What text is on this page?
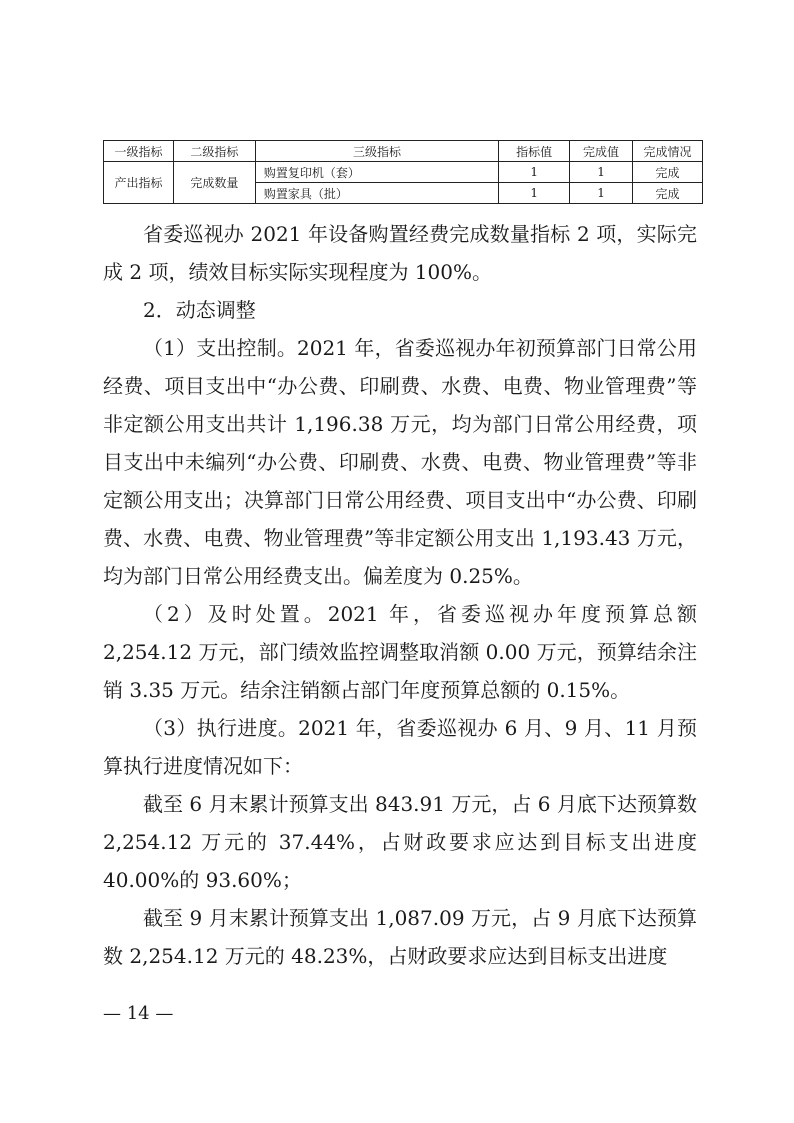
一级指标	二级指标	三级指标	指标值	完成值	完成情况
产出指标	完成数量	购置复印机（套）	1	1	完成
		购置家具（批）	1	1	完成

省委巡视办 2021 年设备购置经费完成数量指标 2 项，实际完成 2 项，绩效目标实际实现程度为 100%。

2．动态调整

（1）支出控制。2021 年，省委巡视办年初预算部门日常公用经费、项目支出中“办公费、印刷费、水费、电费、物业管理费”等非定额公用支出共计 1,196.38 万元，均为部门日常公用经费，项目支出中未编列“办公费、印刷费、水费、电费、物业管理费”等非定额公用支出；决算部门日常公用经费、项目支出中“办公费、印刷费、水费、电费、物业管理费”等非定额公用支出 1,193.43 万元，均为部门日常公用经费支出。偏差度为 0.25%。

（2）及时处置。2021 年，省委巡视办年度预算总额 2,254.12 万元，部门绩效监控调整取消额 0.00 万元，预算结余注销 3.35 万元。结余注销额占部门年度预算总额的 0.15%。

（3）执行进度。2021 年，省委巡视办 6 月、9 月、11 月预算执行进度情况如下：

截至 6 月末累计预算支出 843.91 万元，占 6 月底下达预算数 2,254.12 万元的 37.44%，占财政要求应达到目标支出进度 40.00%的 93.60%；

截至 9 月末累计预算支出 1,087.09 万元，占 9 月底下达预算数 2,254.12 万元的 48.23%，占财政要求应达到目标支出进度

— 14 —
